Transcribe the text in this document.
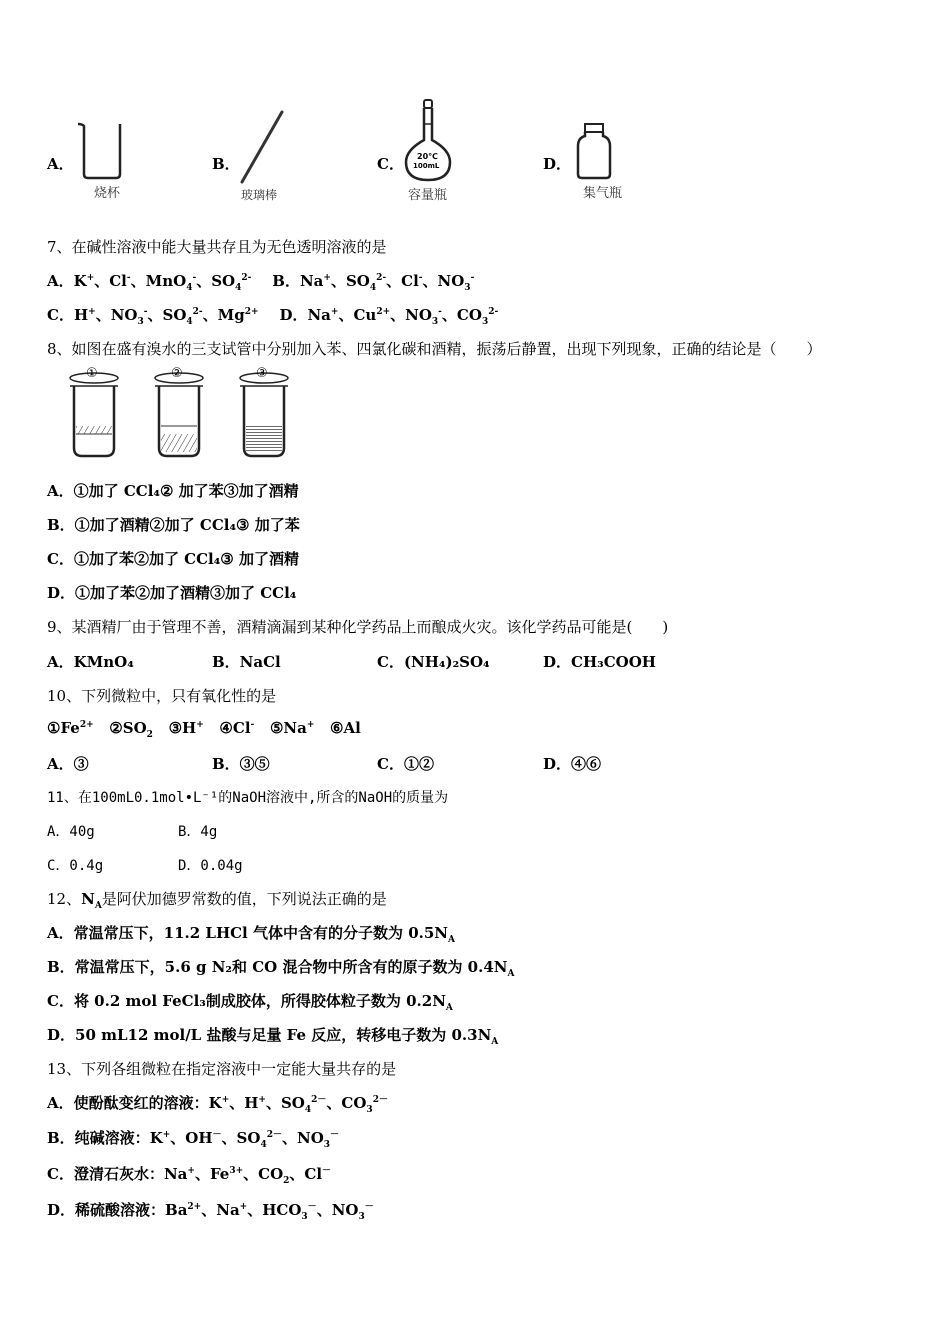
A．
烧杯
B．
玻璃棒
C． 20℃
100mL
容量瓶
D．
集气瓶
7、在碱性溶液中能大量共存且为无色透明溶液的是
A．K+、Cl-、MnO$_4$-、$SO_4^{2-}$ B．Na+、$SO_4^{2-}$、Cl-、$NO_3^-$
C．H+、$NO_3^-$、$SO_4^{2-}$、$Mg^{2+}$ D．Na+、$Cu^{2+}$、$NO_3^-$、$CO_3^{2-}$
8、如图在盛有溴水的三支试管中分别加入苯、四氯化碳和酒精，振荡后静置，出现下列现象，正确的结论是（　　）
①	②	③
A．①加了 CCl₄② 加了苯③加了酒精
B．①加了酒精②加了 CCl₄③ 加了苯
C．①加了苯②加了 CCl₄③ 加了酒精
D．①加了苯②加了酒精③加了 CCl₄
9、某酒精厂由于管理不善，酒精滴漏到某种化学药品上而酿成火灾。该化学药品可能是(　　)
A．KMnO₄	B．NaCl	C．(NH₄)₂SO₄	D．CH₃COOH
10、下列微粒中，只有氧化性的是
$①Fe^{2+}$   $②SO_2$   ③H+   ④Cl-   ⑤Na+   ⑥Al
A．③	B．③⑤	C．①②	D．④⑥
11、在100mL0.1mol•L⁻¹的NaOH溶液中,所含的NaOH的质量为
A．40g	B．4g
C．0.4g	D．0.04g
12、$N_A$是阿伏加德罗常数的值，下列说法正确的是
A．常温常压下，11.2 LHCl 气体中含有的分子数为 $0.5N_A$
B．常温常压下，5.6 g N₂和 CO 混合物中所含有的原子数为 $0.4N_A$
C．将 0.2 mol FeCl₃制成胶体，所得胶体粒子数为 $0.2N_A$
D．50 mL12 mol/L 盐酸与足量 Fe 反应，转移电子数为 $0.3N_A$
13、下列各组微粒在指定溶液中一定能大量共存的是
A．使酚酞变红的溶液：K+、H+、$SO_4^{2-}$、$CO_3^{2-}$
B．纯碱溶液：K+、OH－、$SO_4^{2-}$、$NO_3^-$
C．澄清石灰水：Na+、$Fe^{3+}$、$CO_2$、Cl－
D．稀硫酸溶液：$Ba^{2+}$、Na+、$HCO_3^-$、$NO_3^-$
